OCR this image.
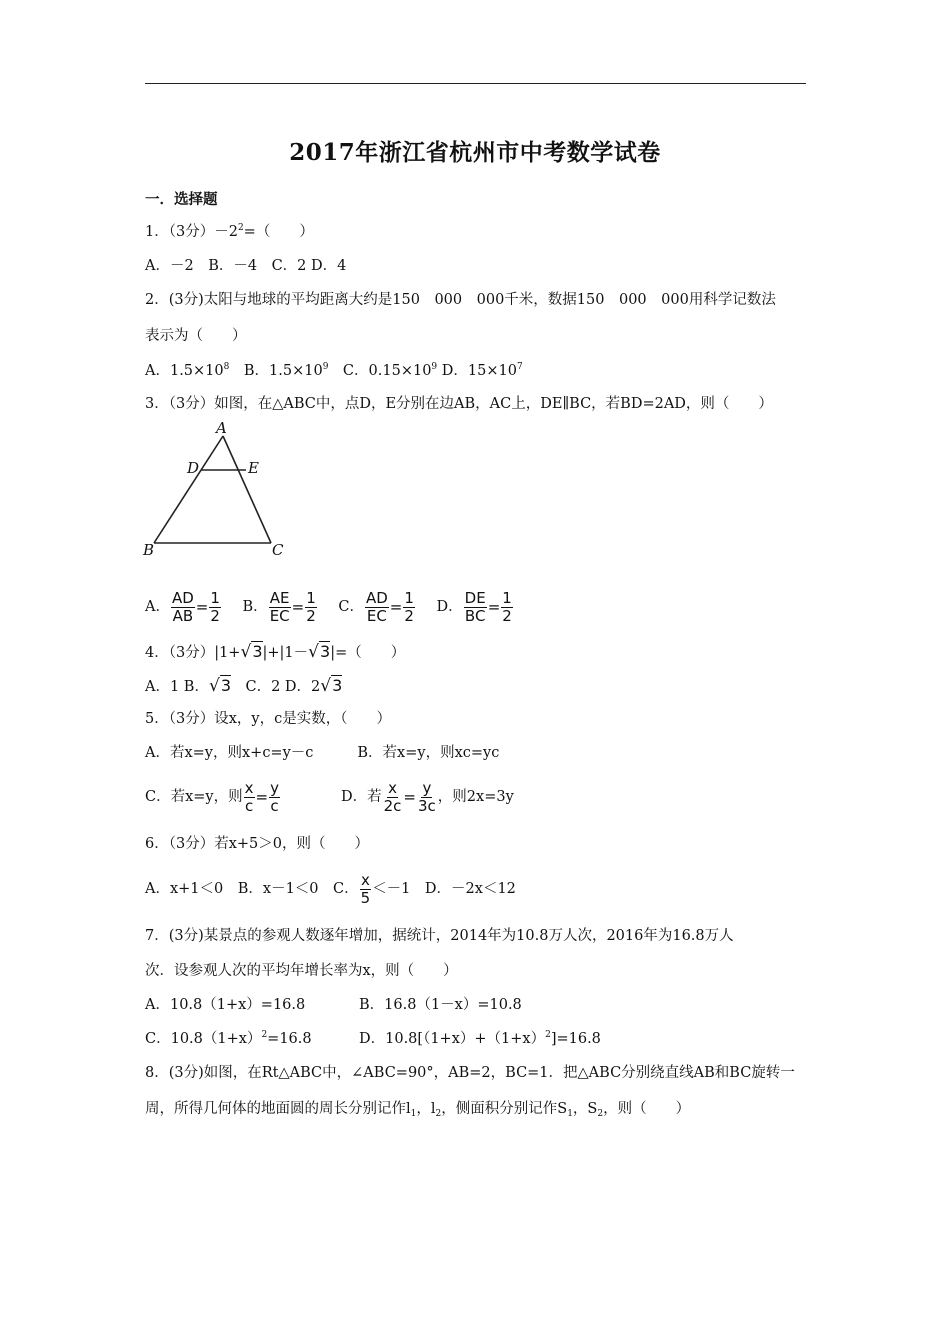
2017年浙江省杭州市中考数学试卷
一．选择题
1．（3分）$-2^2=$（　　）
A．－2　B．－4　C．2 D．4
2．(3分)太阳与地球的平均距离大约是150　000　000千米，数据150　000　000用科学记数法
表示为（　　）
A．$1.5\times 10^8$　B．$1.5\times 10^9$　C．$0.15\times 10^9$ D．$15\times 10^7$
3．（3分）如图，在△ABC中，点D，E分别在边AB，AC上，DE∥BC，若BD=2AD，则（　　）
A
D	E
B	C
A． $\frac{AD}{AB} = \frac{1}{2}$ B． $\frac{AE}{EC} = \frac{1}{2}$ C． $\frac{AD}{EC} = \frac{1}{2}$ D． $\frac{DE}{BC} = \frac{1}{2}$
4．（3分）|1+√3|+|1－√3|=（　　）
A．1 B．√3　C．2 D．2√3
5．（3分）设x，y，c是实数，（　　）
A．若x=y，则x+c=y－c	B．若x=y，则xc=yc
C．若x=y，则 $\frac{x}{c} = \frac{y}{c}$	D．若 $\frac{x}{2c} = \frac{y}{3c}$ ，则2x=3y
6．（3分）若x+5＞0，则（　　）
A．x+1＜0　B．x－1＜0　C． $\frac{x}{5} <-1$　D．－2x＜12
7．(3分)某景点的参观人数逐年增加，据统计，2014年为10.8万人次，2016年为16.8万人
次．设参观人次的平均年增长率为x，则（　　）
A．10.8（1+x）=16.8	B．16.8（1－x）=10.8
C．$10.8(1+x)^2=16.8$	D．$10.8[(1+x)+(1+x)^2]=16.8$
8．(3分)如图，在Rt△ABC中，∠ABC=90°，AB=2，BC=1．把△ABC分别绕直线AB和BC旋转一
周，所得几何体的地面圆的周长分别记作$l_1$，$l_2$，侧面积分别记作$S_1$，$S_2$，则（　　）
